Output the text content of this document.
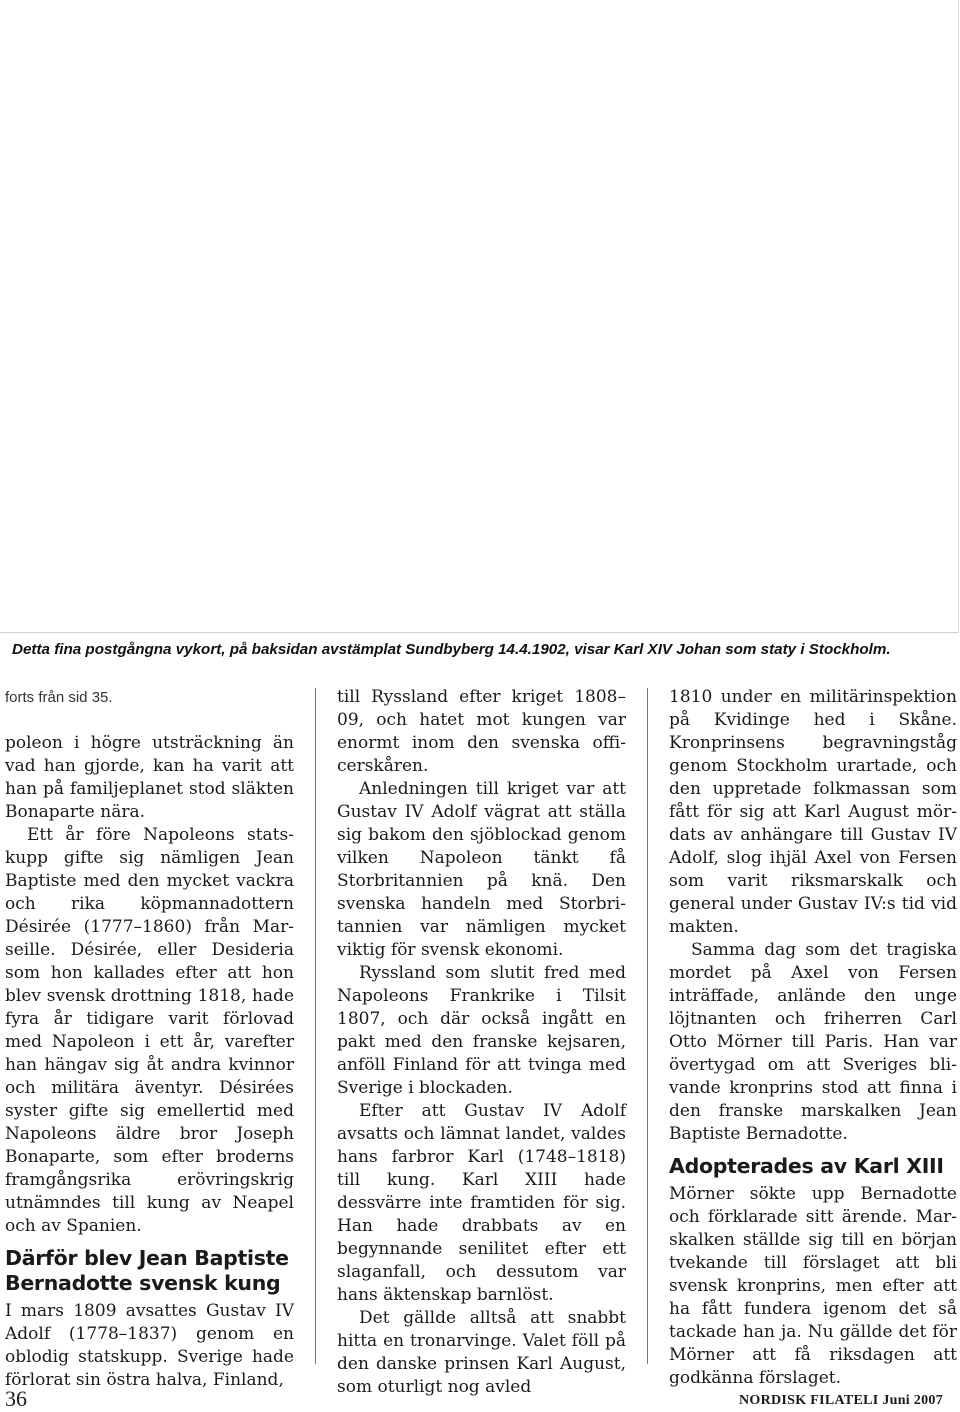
Detta fina postgångna vykort, på baksidan avstämplat Sundbyberg 14.4.1902, visar Karl XIV Johan som staty i Stockholm.
forts från sid 35.

poleon i högre utsträckning än vad han gjorde, kan ha varit att han på familjeplanet stod släkten Bonaparte nära.

Ett år före Napoleons statskupp gifte sig nämligen Jean Baptiste med den mycket vackra och rika köpmannadottern Désirée (1777–1860) från Marseille. Désirée, eller Desideria som hon kallades efter att hon blev svensk drottning 1818, hade fyra år tidigare varit förlovad med Napoleon i ett år, varefter han hängav sig åt andra kvinnor och militära äventyr. Désirées syster gifte sig emellertid med Napoleons äldre bror Joseph Bonaparte, som efter broderns framgångsrika erövringskrig utnämndes till kung av Neapel och av Spanien.

Därför blev Jean Baptiste Bernadotte svensk kung

I mars 1809 avsattes Gustav IV Adolf (1778–1837) genom en oblodig statskupp. Sverige hade förlorat sin östra halva, Finland,

till Ryssland efter kriget 1808–09, och hatet mot kungen var enormt inom den svenska officerskåren.

Anledningen till kriget var att Gustav IV Adolf vägrat att ställa sig bakom den sjöblockad genom vilken Napoleon tänkt få Storbritannien på knä. Den svenska handeln med Storbritannien var nämligen mycket viktig för svensk ekonomi.

Ryssland som slutit fred med Napoleons Frankrike i Tilsit 1807, och där också ingått en pakt med den franske kejsaren, anföll Finland för att tvinga med Sverige i blockaden.

Efter att Gustav IV Adolf avsatts och lämnat landet, valdes hans farbror Karl (1748–1818) till kung. Karl XIII hade dessvärre inte framtiden för sig. Han hade drabbats av en begynnande senilitet efter ett slaganfall, och dessutom var hans äktenskap barnlöst.

Det gällde alltså att snabbt hitta en tronarvinge. Valet föll på den danske prinsen Karl August, som oturligt nog avled

1810 under en militärinspektion på Kvidinge hed i Skåne. Kronprinsens begravningståg genom Stockholm urartade, och den uppretade folkmassan som fått för sig att Karl August mördats av anhängare till Gustav IV Adolf, slog ihjäl Axel von Fersen som varit riksmarskalk och general under Gustav IV:s tid vid makten.

Samma dag som det tragiska mordet på Axel von Fersen inträffade, anlände den unge löjtnanten och friherren Carl Otto Mörner till Paris. Han var övertygad om att Sveriges blivande kronprins stod att finna i den franske marskalken Jean Baptiste Bernadotte.

Adopterades av Karl XIII

Mörner sökte upp Bernadotte och förklarade sitt ärende. Marskalken ställde sig till en början tvekande till förslaget att bli svensk kronprins, men efter att ha fått fundera igenom det så tackade han ja. Nu gällde det för Mörner att få riksdagen att godkänna förslaget.

36	NORDISK FILATELI Juni 2007
